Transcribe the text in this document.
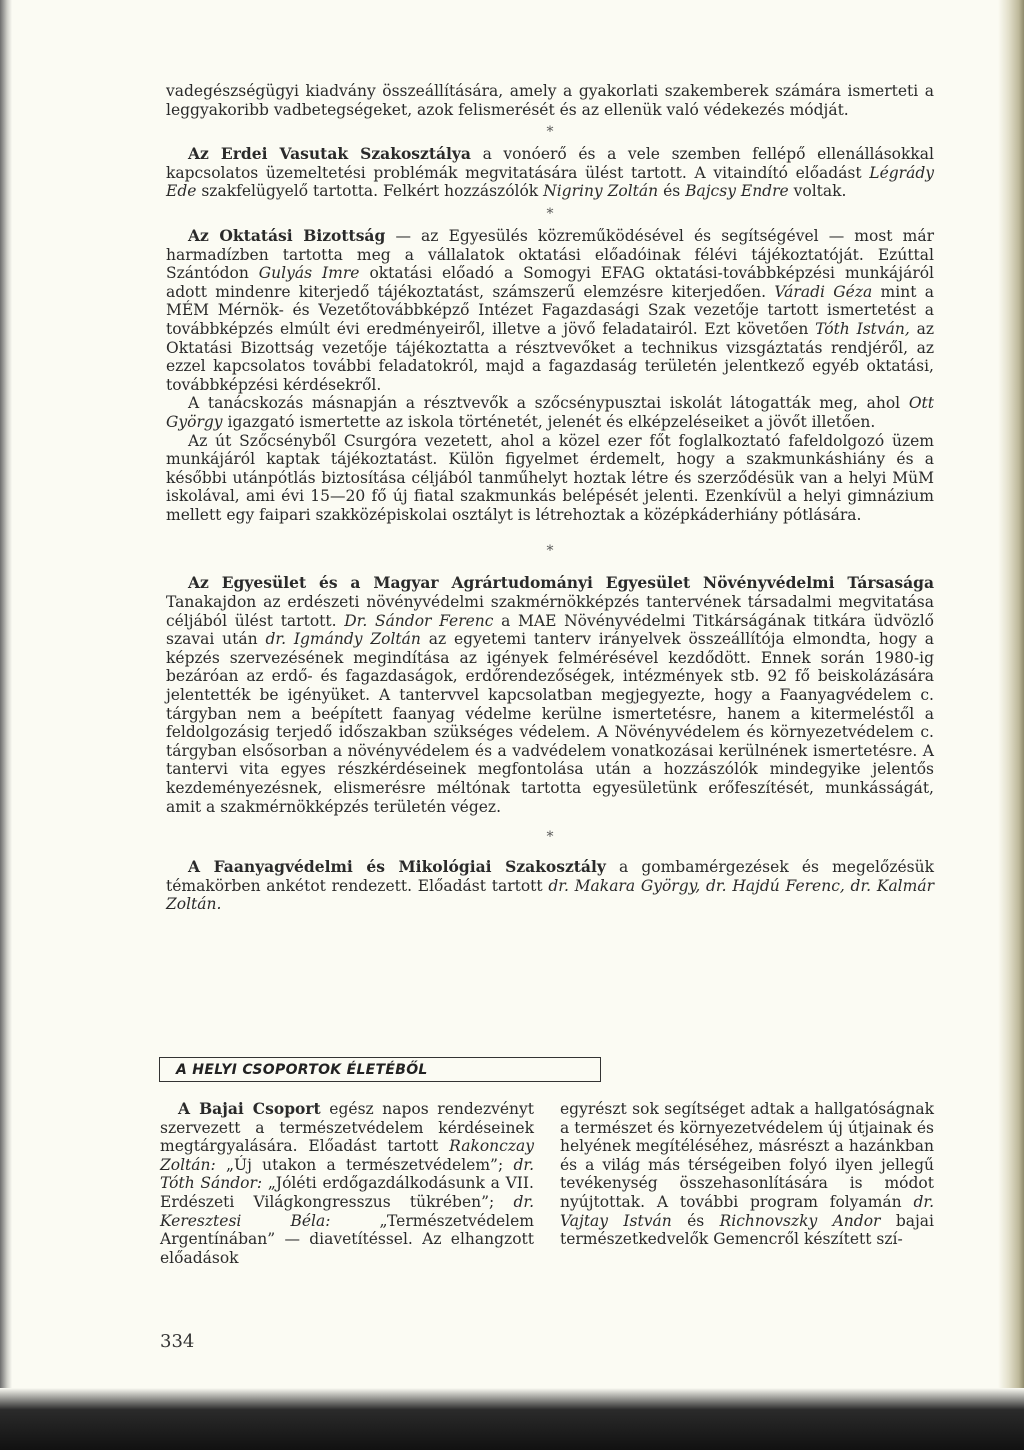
vadegészségügyi kiadvány összeállítására, amely a gyakorlati szakemberek számára ismerteti a leggyakoribb vadbetegségeket, azok felismerését és az ellenük való védekezés módját.

*

Az Erdei Vasutak Szakosztálya a vonóerő és a vele szemben fellépő ellenállásokkal kapcsolatos üzemeltetési problémák megvitatására ülést tartott. A vitaindító előadást Légrády Ede szakfelügyelő tartotta. Felkért hozzászólók Nigriny Zoltán és Bajcsy Endre voltak.

*

Az Oktatási Bizottság — az Egyesülés közreműködésével és segítségével — most már harmadízben tartotta meg a vállalatok oktatási előadóinak félévi tájékoztatóját. Ezúttal Szántódon Gulyás Imre oktatási előadó a Somogyi EFAG oktatási-továbbképzési munkájáról adott mindenre kiterjedő tájékoztatást, számszerű elemzésre kiterjedően. Váradi Géza mint a MÉM Mérnök- és Vezetőtovábbképző Intézet Fagazdasági Szak vezetője tartott ismertetést a továbbképzés elmúlt évi eredményeiről, illetve a jövő feladatairól. Ezt követően Tóth István, az Oktatási Bizottság vezetője tájékoztatta a résztvevőket a technikus vizsgáztatás rendjéről, az ezzel kapcsolatos további feladatokról, majd a fagazdaság területén jelentkező egyéb oktatási, továbbképzési kérdésekről.

A tanácskozás másnapján a résztvevők a szőcsénypusztai iskolát látogatták meg, ahol Ott György igazgató ismertette az iskola történetét, jelenét és elképzeléseiket a jövőt illetően.

Az út Szőcsényből Csurgóra vezetett, ahol a közel ezer főt foglalkoztató fafeldolgozó üzem munkájáról kaptak tájékoztatást. Külön figyelmet érdemelt, hogy a szakmunkáshiány és a későbbi utánpótlás biztosítása céljából tanműhelyt hoztak létre és szerződésük van a helyi MüM iskolával, ami évi 15—20 fő új fiatal szakmunkás belépését jelenti. Ezenkívül a helyi gimnázium mellett egy faipari szakközépiskolai osztályt is létrehoztak a középkáderhiány pótlására.

*

Az Egyesület és a Magyar Agrártudományi Egyesület Növényvédelmi Társasága Tanakajdon az erdészeti növényvédelmi szakmérnökképzés tantervének társadalmi megvitatása céljából ülést tartott. Dr. Sándor Ferenc a MAE Növényvédelmi Titkárságának titkára üdvözlő szavai után dr. Igmándy Zoltán az egyetemi tanterv irányelvek összeállítója elmondta, hogy a képzés szervezésének megindítása az igények felmérésével kezdődött. Ennek során 1980-ig bezáróan az erdő- és fagazdaságok, erdőrendezőségek, intézmények stb. 92 fő beiskolázására jelentették be igényüket. A tantervvel kapcsolatban megjegyezte, hogy a Faanyagvédelem c. tárgyban nem a beépített faanyag védelme kerülne ismertetésre, hanem a kitermeléstől a feldolgozásig terjedő időszakban szükséges védelem. A Növényvédelem és környezetvédelem c. tárgyban elsősorban a növényvédelem és a vadvédelem vonatkozásai kerülnének ismertetésre. A tantervi vita egyes részkérdéseinek megfontolása után a hozzászólók mindegyike jelentős kezdeményezésnek, elismerésre méltónak tartotta egyesületünk erőfeszítését, munkásságát, amit a szakmérnökképzés területén végez.

*

A Faanyagvédelmi és Mikológiai Szakosztály a gombamérgezések és megelőzésük témakörben ankétot rendezett. Előadást tartott dr. Makara György, dr. Hajdú Ferenc, dr. Kalmár Zoltán.

A HELYI CSOPORTOK ÉLETÉBŐL

A Bajai Csoport egész napos rendezvényt szervezett a természetvédelem kérdéseinek megtárgyalására. Előadást tartott Rakonczay Zoltán: „Új utakon a természetvédelem”; dr. Tóth Sándor: „Jóléti erdőgazdálkodásunk a VII. Erdészeti Világkongresszus tükrében”; dr. Keresztesi Béla: „Természetvédelem Argentínában” — diavetítéssel. Az elhangzott előadások

egyrészt sok segítséget adtak a hallgatóságnak a természet és környezetvédelem új útjainak és helyének megítéléséhez, másrészt a hazánkban és a világ más térségeiben folyó ilyen jellegű tevékenység összehasonlítására is módot nyújtottak. A további program folyamán dr. Vajtay István és Richnovszky Andor bajai természetkedvelők Gemencről készített szí-

334
